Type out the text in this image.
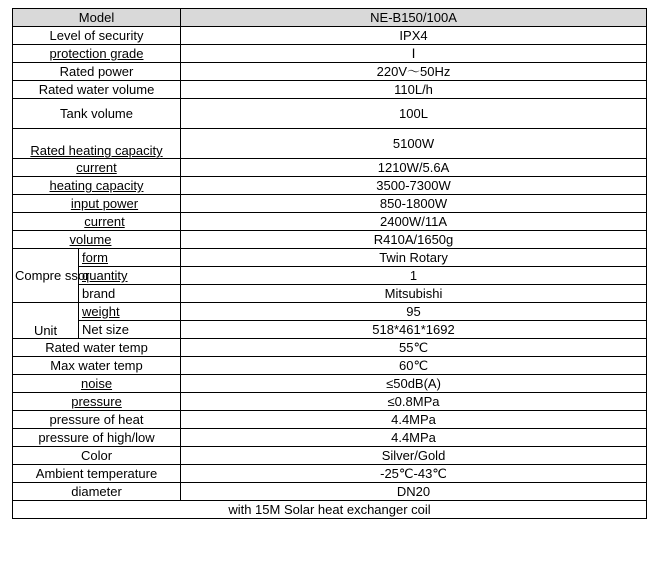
Model		NE-B150/100A
Level of security		IPX4
protection grade		Ⅰ
Rated power		220V～50Hz
Rated water volume		110L/h
Tank volume		100L
Rated heating capacity		5100W
current		1210W/5.6A
heating capacity		3500-7300W
input power		850-1800W
current		2400W/11A
volume		R410A/1650g
Compre ssor	form	Twin Rotary
	quantity	1
	brand	Mitsubishi
Unit	weight	95
	Net size	518*461*1692
Rated water temp		55℃
Max water temp		60℃
noise		≤50dB(A)
pressure		≤0.8MPa
pressure of heat		4.4MPa
pressure of high/low		4.4MPa
Color		Silver/Gold
Ambient temperature		-25℃-43℃
diameter		DN20
with 15M Solar heat exchanger coil		
